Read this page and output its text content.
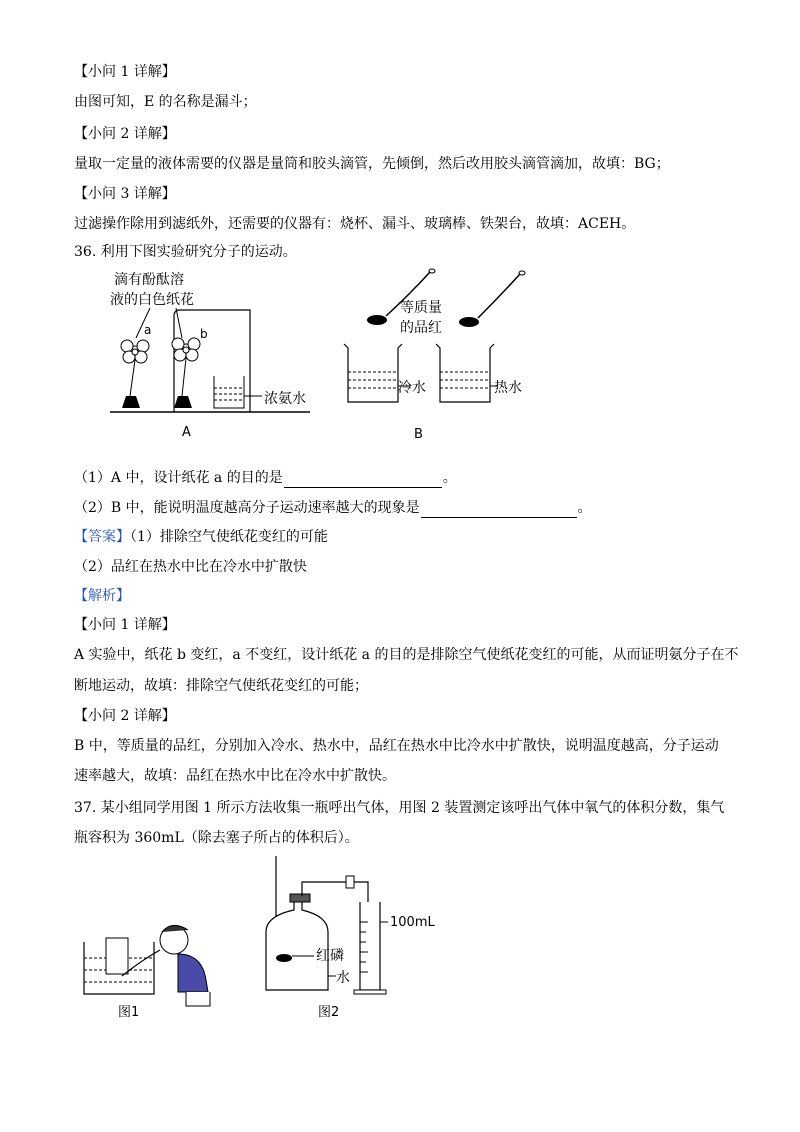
【小问 1 详解】
由图可知，E 的名称是漏斗；
【小问 2 详解】
量取一定量的液体需要的仪器是量筒和胶头滴管，先倾倒，然后改用胶头滴管滴加，故填：BG；
【小问 3 详解】
过滤操作除用到滤纸外，还需要的仪器有：烧杯、漏斗、玻璃棒、铁架台，故填：ACEH。
36. 利用下图实验研究分子的运动。
滴有酚酞溶
液的白色纸花
a	b
浓氨水
A
等质量
的品红
冷水	热水
B
（1）A 中，设计纸花 a 的目的是	。
（2）B 中，能说明温度越高分子运动速率越大的现象是	。
【答案】（1）排除空气使纸花变红的可能
（2）品红在热水中比在冷水中扩散快
【解析】
【小问 1 详解】
A 实验中，纸花 b 变红，a 不变红，设计纸花 a 的目的是排除空气使纸花变红的可能，从而证明氨分子在不
断地运动，故填：排除空气使纸花变红的可能；
【小问 2 详解】
B 中，等质量的品红，分别加入冷水、热水中，品红在热水中比冷水中扩散快，说明温度越高，分子运动
速率越大，故填：品红在热水中比在冷水中扩散快。
37. 某小组同学用图 1 所示方法收集一瓶呼出气体，用图 2 装置测定该呼出气体中氧气的体积分数，集气
瓶容积为 360mL（除去塞子所占的体积后）。
图1
100mL
红磷
水
图2
